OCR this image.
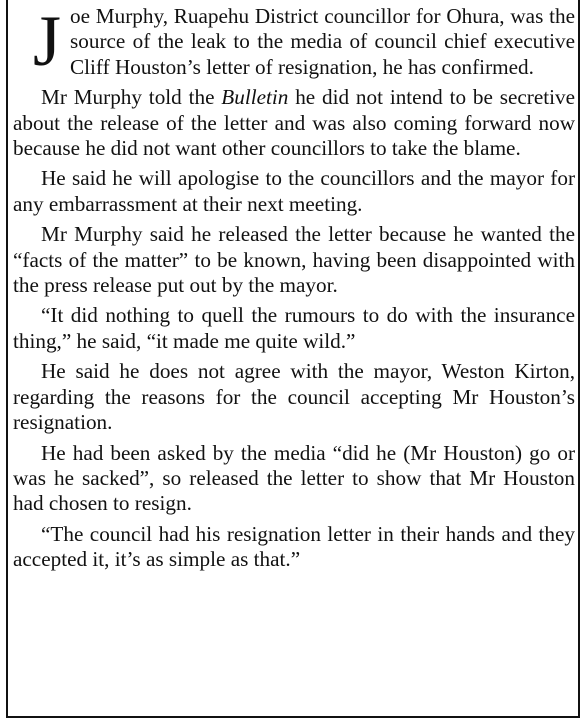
Joe Murphy, Ruapehu District councillor for Ohura, was the source of the leak to the media of council chief executive Cliff Houston’s letter of resignation, he has confirmed.

Mr Murphy told the Bulletin he did not intend to be secretive about the release of the letter and was also coming forward now because he did not want other councillors to take the blame.

He said he will apologise to the councillors and the mayor for any embarrassment at their next meeting.

Mr Murphy said he released the letter because he wanted the “facts of the matter” to be known, having been disappointed with the press release put out by the mayor.

“It did nothing to quell the rumours to do with the insurance thing,” he said, “it made me quite wild.”

He said he does not agree with the mayor, Weston Kirton, regarding the reasons for the council accepting Mr Houston’s resignation.

He had been asked by the media “did he (Mr Houston) go or was he sacked”, so released the letter to show that Mr Houston had chosen to resign.

“The council had his resignation letter in their hands and they accepted it, it’s as simple as that.”
